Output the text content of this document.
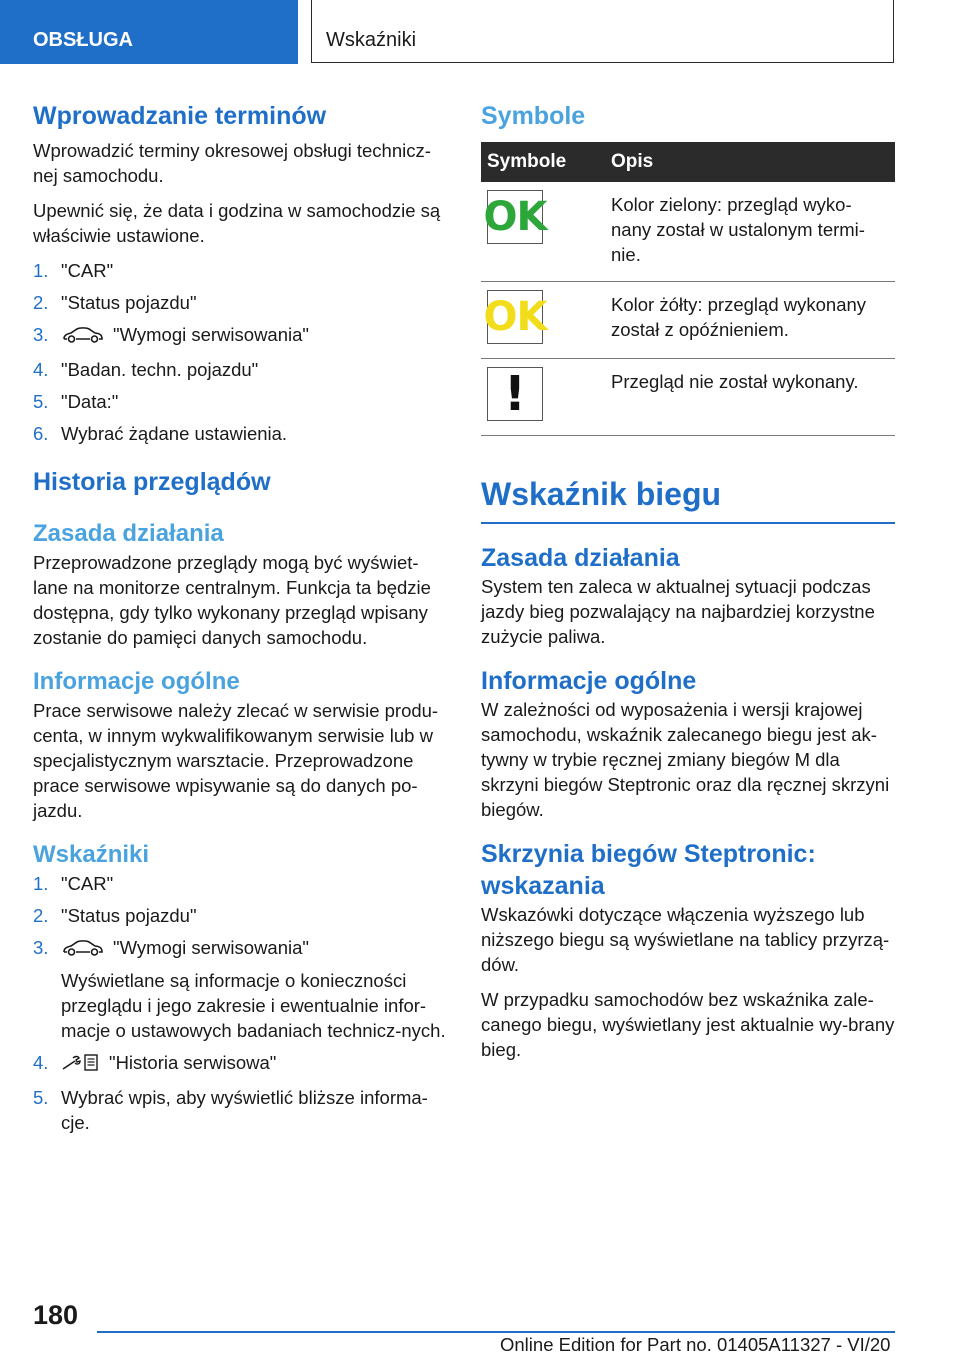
OBSŁUGA	Wskaźniki
Wprowadzanie terminów

Wprowadzić terminy okresowej obsługi technicz-nej samochodu.

Upewnić się, że data i godzina w samochodzie są właściwie ustawione.

1. "CAR"
2. "Status pojazdu"
3.	"Wymogi serwisowania"
4. "Badan. techn. pojazdu"
5. "Data:"
6. Wybrać żądane ustawienia.
Historia przeglądów
Zasada działania

Przeprowadzone przeglądy mogą być wyświet-lane na monitorze centralnym. Funkcja ta będzie dostępna, gdy tylko wykonany przegląd wpisany zostanie do pamięci danych samochodu.

Informacje ogólne

Prace serwisowe należy zlecać w serwisie produ-centa, w innym wykwalifikowanym serwisie lub w specjalistycznym warsztacie. Przeprowadzone prace serwisowe wpisywanie są do danych po-jazdu.

Wskaźniki
1. "CAR"
2. "Status pojazdu"
3.	"Wymogi serwisowania"
Wyświetlane są informacje o konieczności przeglądu i jego zakresie i ewentualnie infor-macje o ustawowych badaniach technicz-nych.
4.	"Historia serwisowa"
5. Wybrać wpis, aby wyświetlić bliższe informa-cje.
Symbole
Symbole	Opis

OK	Kolor zielony: przegląd wyko-nany został w ustalonym termi-nie.

OK	Kolor żółty: przegląd wykonany został z opóźnieniem.

!	Przegląd nie został wykonany.
Wskaźnik biegu
Zasada działania

System ten zaleca w aktualnej sytuacji podczas jazdy bieg pozwalający na najbardziej korzystne zużycie paliwa.

Informacje ogólne

W zależności od wyposażenia i wersji krajowej samochodu, wskaźnik zalecanego biegu jest ak-tywny w trybie ręcznej zmiany biegów M dla skrzyni biegów Steptronic oraz dla ręcznej skrzyni biegów.

Skrzynia biegów Steptronic: wskazania

Wskazówki dotyczące włączenia wyższego lub niższego biegu są wyświetlane na tablicy przyrzą-dów.

W przypadku samochodów bez wskaźnika zale-canego biegu, wyświetlany jest aktualnie wy-brany bieg.

180
Online Edition for Part no. 01405A11327 - VI/20
